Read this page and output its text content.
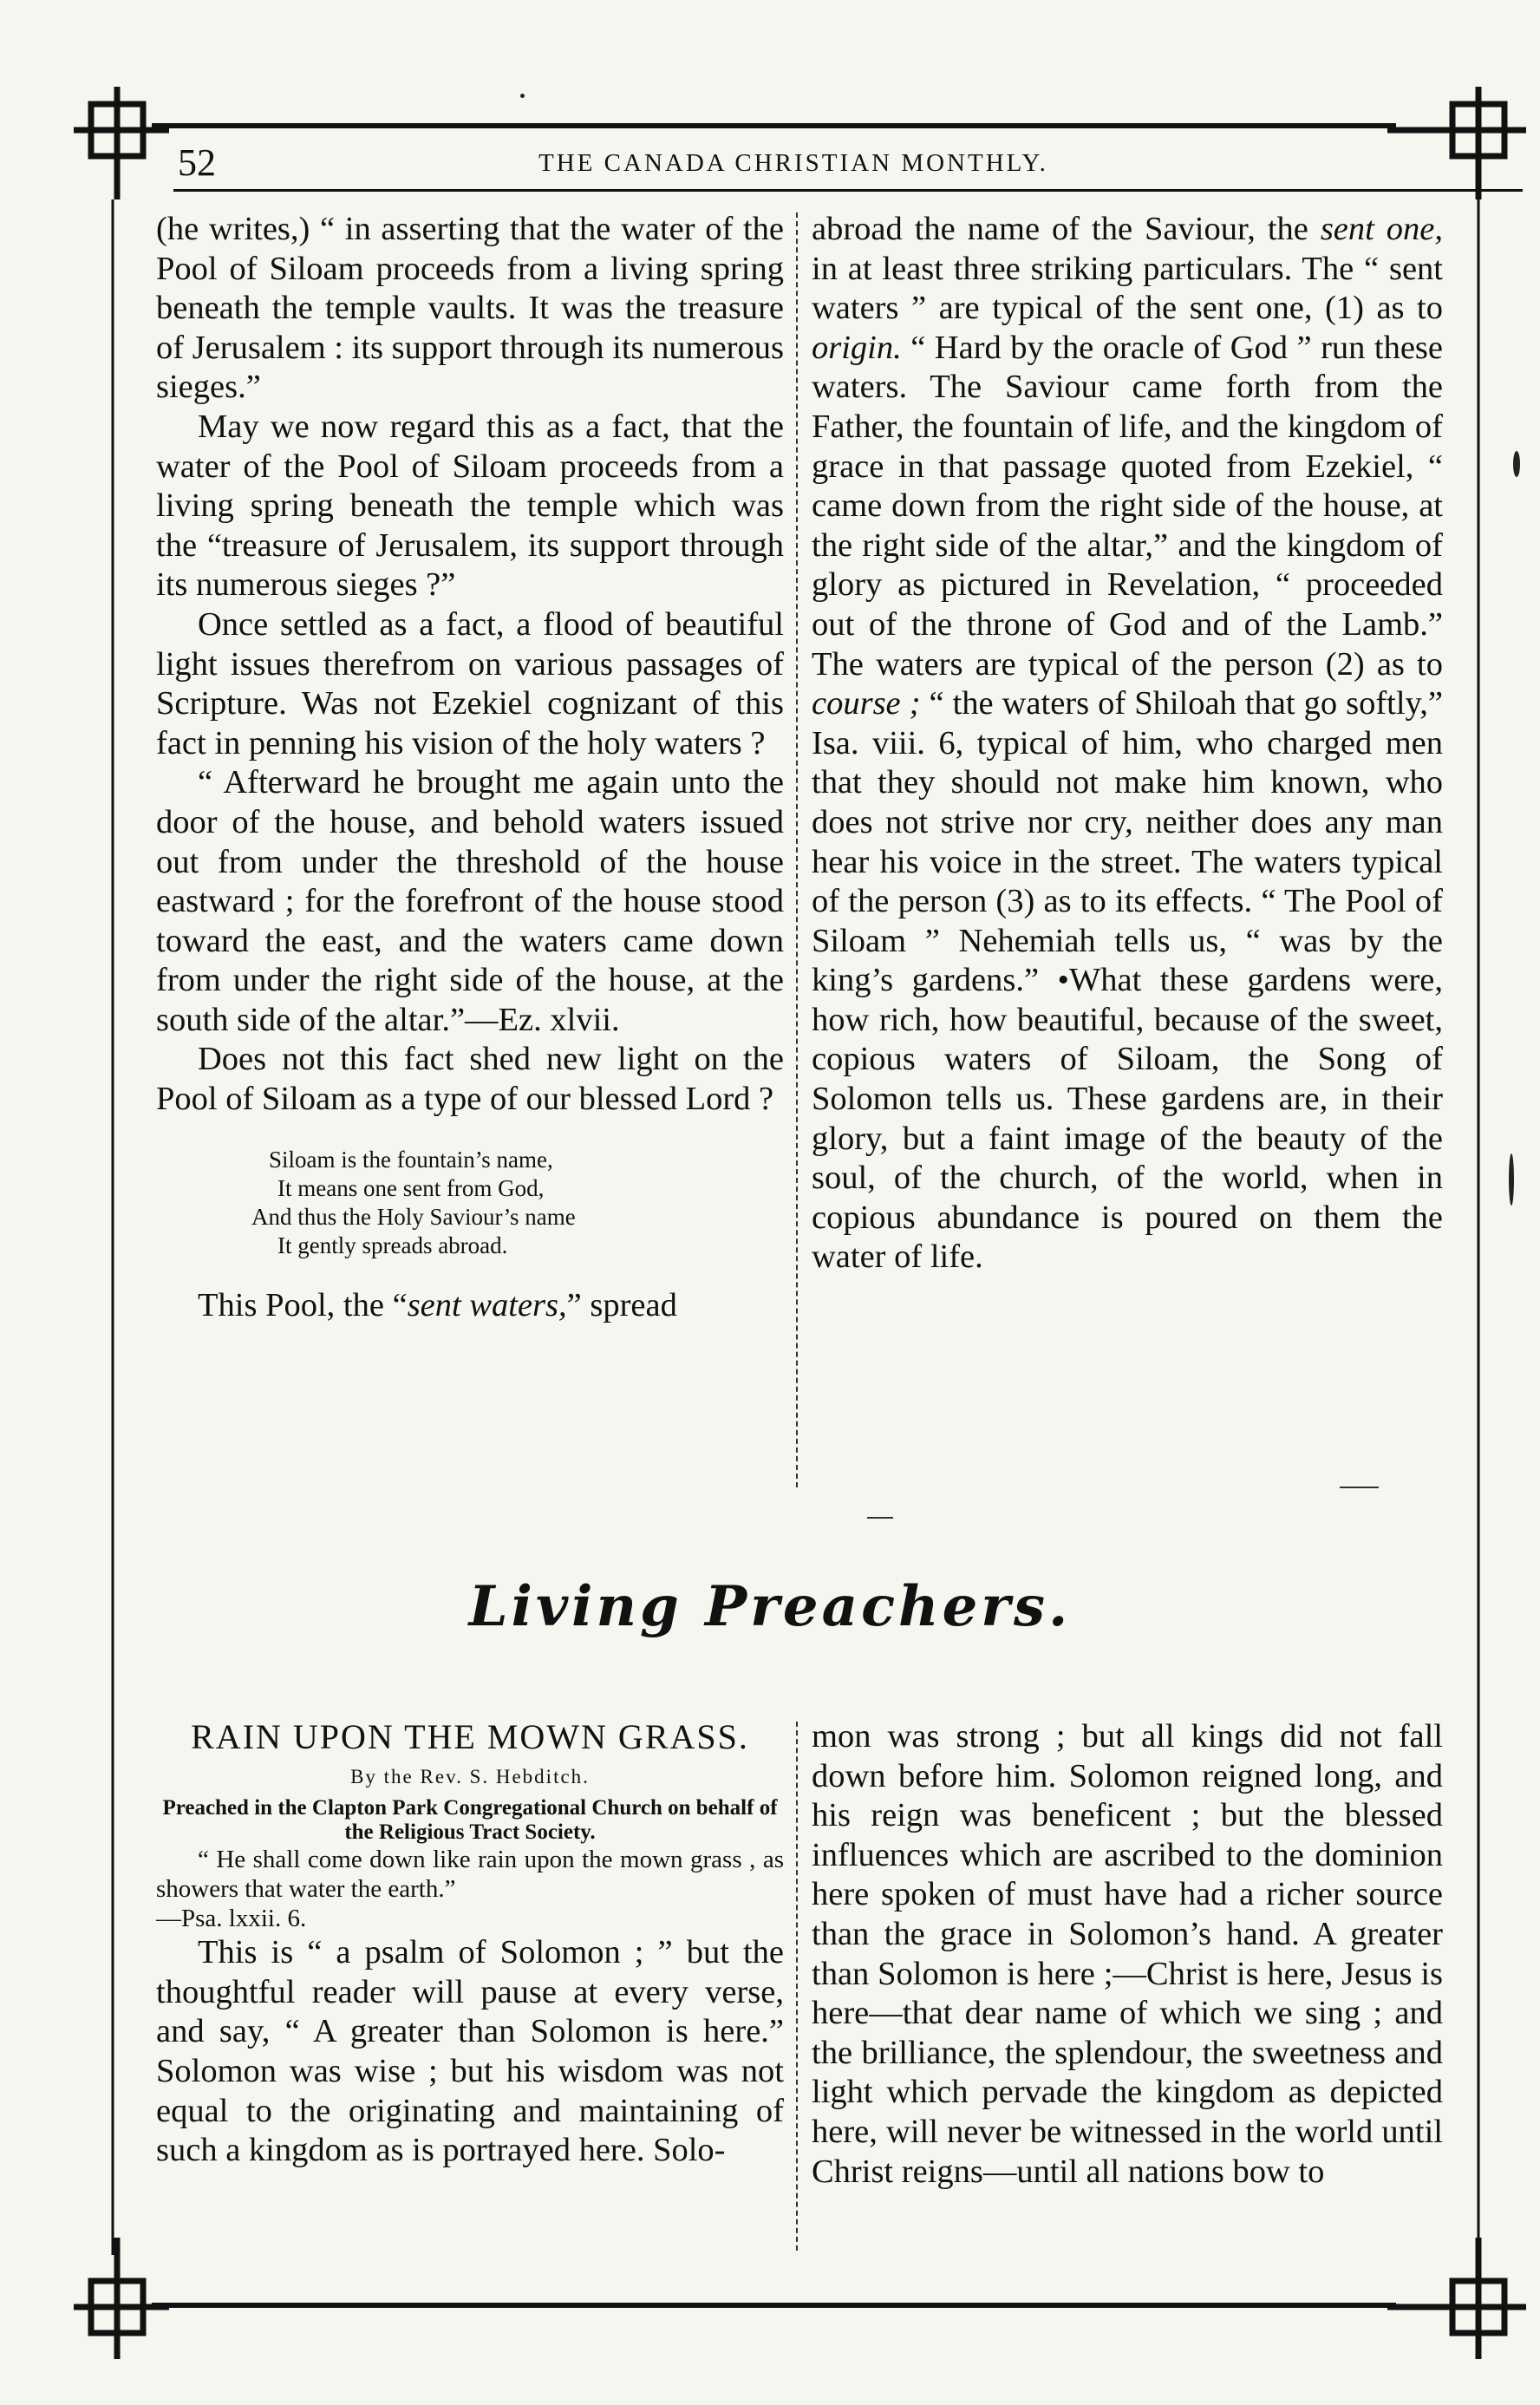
52	THE CANADA CHRISTIAN MONTHLY.

(he writes,) “ in asserting that the water of the Pool of Siloam proceeds from a living spring beneath the temple vaults. It was the treasure of Jerusalem : its support through its numerous sieges.”

May we now regard this as a fact, that the water of the Pool of Siloam proceeds from a living spring beneath the temple which was the “treasure of Jerusalem, its support through its numerous sieges ?”

Once settled as a fact, a flood of beautiful light issues therefrom on various passages of Scripture. Was not Ezekiel cognizant of this fact in penning his vision of the holy waters ?

“ Afterward he brought me again unto the door of the house, and behold waters issued out from under the threshold of the house eastward ; for the forefront of the house stood toward the east, and the waters came down from under the right side of the house, at the south side of the altar.”—Ez. xlvii.

Does not this fact shed new light on the Pool of Siloam as a type of our blessed Lord ?

Siloam is the fountain’s name,
It means one sent from God,
And thus the Holy Saviour’s name
It gently spreads abroad.

This Pool, the “sent waters,” spread

abroad the name of the Saviour, the sent one, in at least three striking particulars. The “ sent waters ” are typical of the sent one, (1) as to origin. “ Hard by the oracle of God ” run these waters. The Saviour came forth from the Father, the fountain of life, and the kingdom of grace in that passage quoted from Ezekiel, “ came down from the right side of the house, at the right side of the altar,” and the kingdom of glory as pictured in Revelation, “ proceeded out of the throne of God and of the Lamb.” The waters are typical of the person (2) as to course ; “ the waters of Shiloah that go softly,” Isa. viii. 6, typical of him, who charged men that they should not make him known, who does not strive nor cry, neither does any man hear his voice in the street. The waters typical of the person (3) as to its effects. “ The Pool of Siloam ” Nehemiah tells us, “ was by the king’s gardens.” •What these gardens were, how rich, how beautiful, because of the sweet, copious waters of Siloam, the Song of Solomon tells us. These gardens are, in their glory, but a faint image of the beauty of the soul, of the church, of the world, when in copious abundance is poured on them the water of life.

Living Preachers.

RAIN UPON THE MOWN GRASS.

By the Rev. S. Hebditch.

Preached in the Clapton Park Congregational Church on behalf of the Religious Tract Society.

“ He shall come down like rain upon the mown grass , as showers that water the earth.”

—Psa. lxxii. 6.

This is “ a psalm of Solomon ; ” but the thoughtful reader will pause at every verse, and say, “ A greater than Solomon is here.” Solomon was wise ; but his wisdom was not equal to the originating and maintaining of such a kingdom as is portrayed here. Solo-

mon was strong ; but all kings did not fall down before him. Solomon reigned long, and his reign was beneficent ; but the blessed influences which are ascribed to the dominion here spoken of must have had a richer source than the grace in Solomon’s hand. A greater than Solomon is here ;—Christ is here, Jesus is here—that dear name of which we sing ; and the brilliance, the splendour, the sweetness and light which pervade the kingdom as depicted here, will never be witnessed in the world until Christ reigns—until all nations bow to
